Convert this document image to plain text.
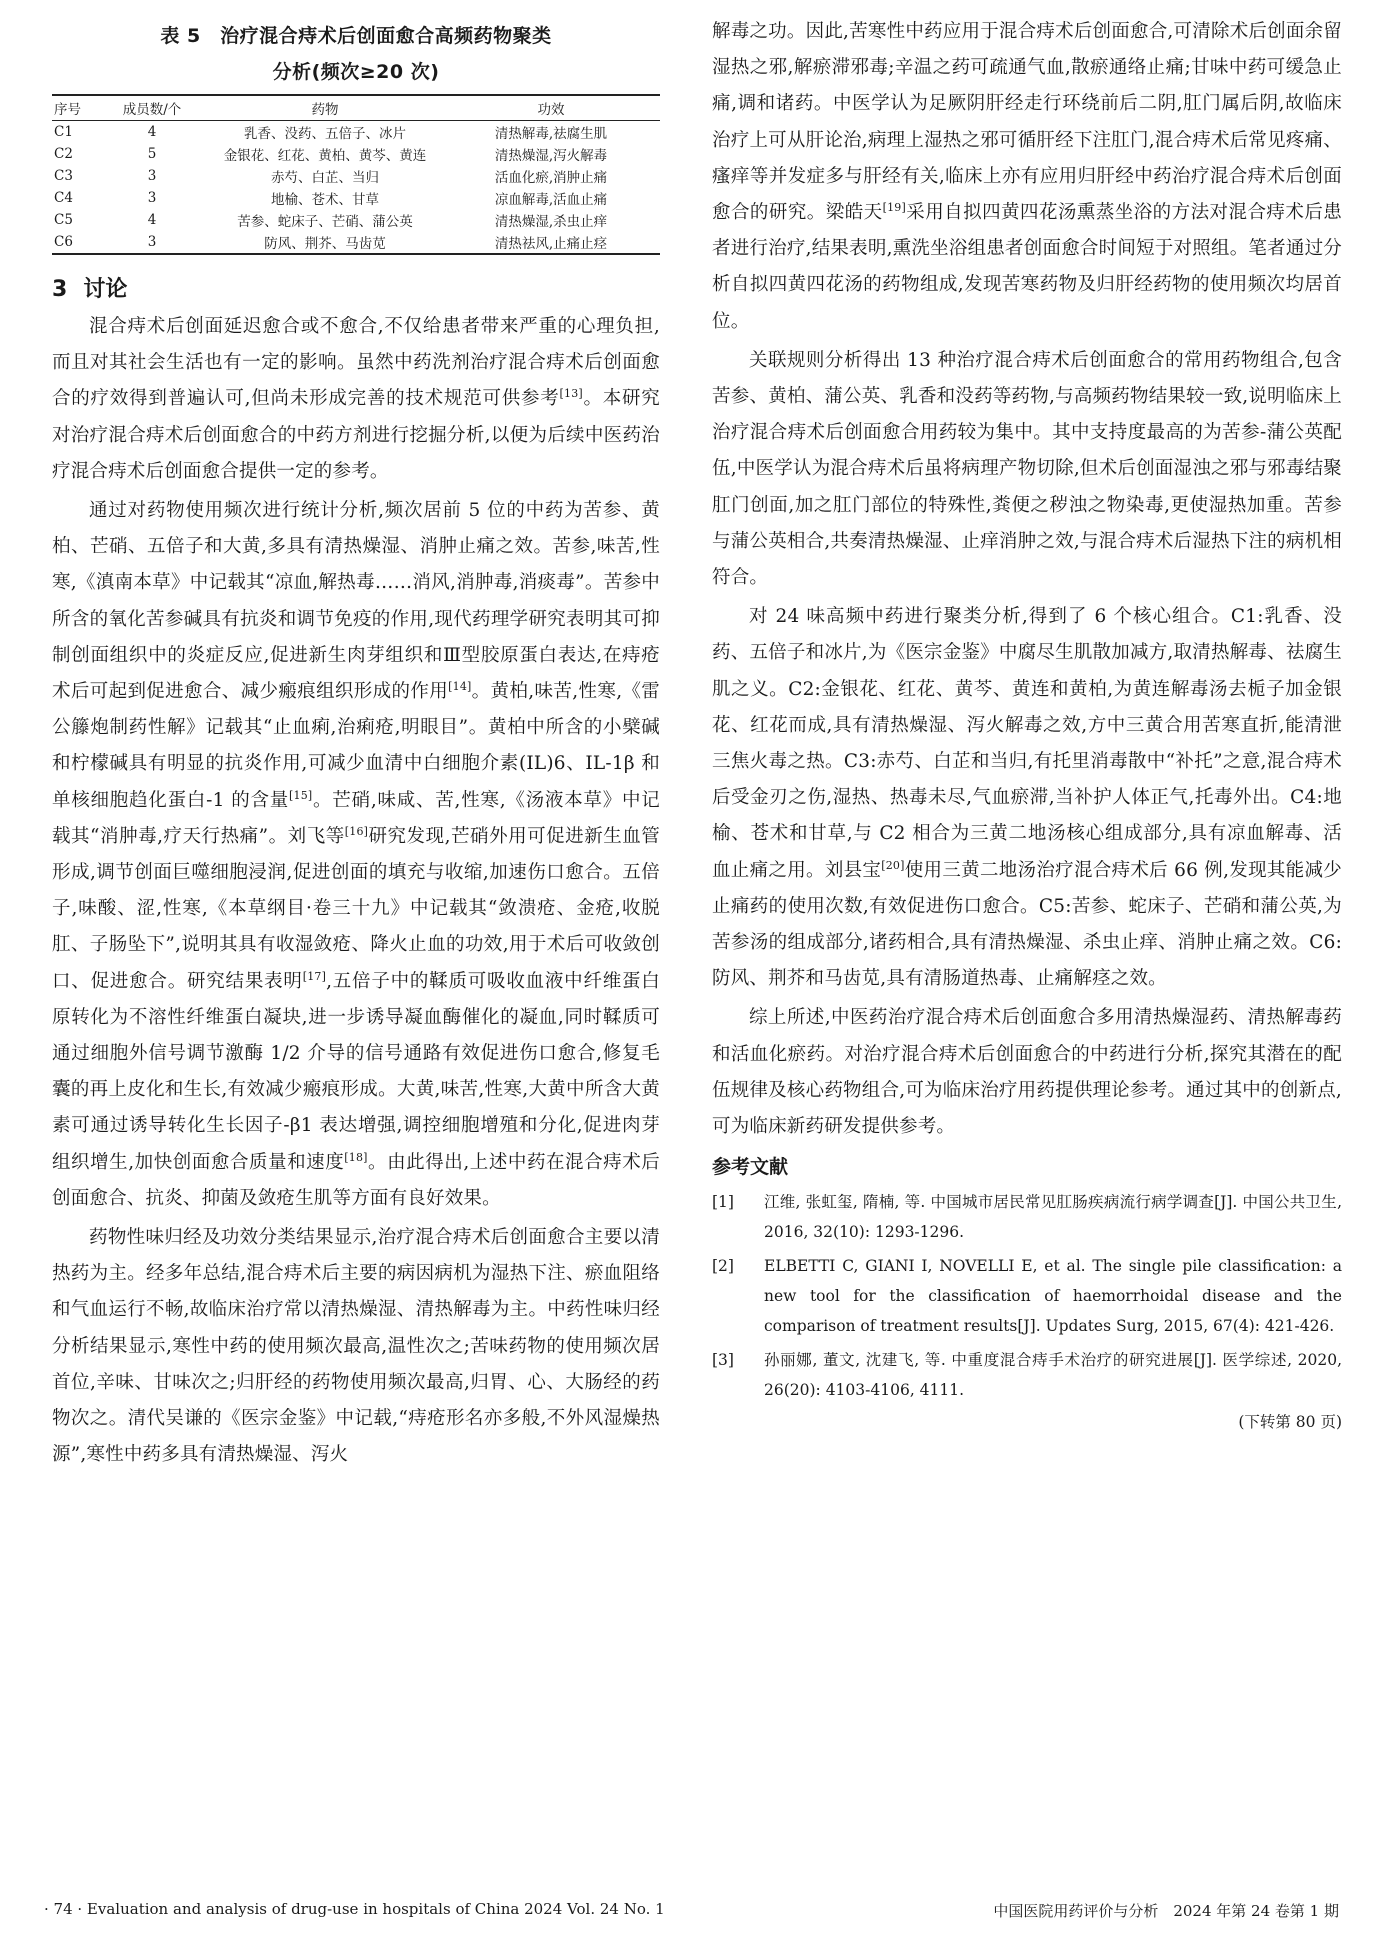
表 5　治疗混合痔术后创面愈合高频药物聚类
分析(频次≥20 次)
序号	成员数/个	药物	功效
C1	4	乳香、没药、五倍子、冰片	清热解毒,祛腐生肌
C2	5	金银花、红花、黄柏、黄芩、黄连	清热燥湿,泻火解毒
C3	3	赤芍、白芷、当归	活血化瘀,消肿止痛
C4	3	地榆、苍术、甘草	凉血解毒,活血止痛
C5	4	苦参、蛇床子、芒硝、蒲公英	清热燥湿,杀虫止痒
C6	3	防风、荆芥、马齿苋	清热祛风,止痛止痉
3 讨论

混合痔术后创面延迟愈合或不愈合,不仅给患者带来严重的心理负担,而且对其社会生活也有一定的影响。虽然中药洗剂治疗混合痔术后创面愈合的疗效得到普遍认可,但尚未形成完善的技术规范可供参考[13]。本研究对治疗混合痔术后创面愈合的中药方剂进行挖掘分析,以便为后续中医药治疗混合痔术后创面愈合提供一定的参考。

通过对药物使用频次进行统计分析,频次居前 5 位的中药为苦参、黄柏、芒硝、五倍子和大黄,多具有清热燥湿、消肿止痛之效。苦参,味苦,性寒,《滇南本草》中记载其“凉血,解热毒……消风,消肿毒,消痰毒”。苦参中所含的氧化苦参碱具有抗炎和调节免疫的作用,现代药理学研究表明其可抑制创面组织中的炎症反应,促进新生肉芽组织和Ⅲ型胶原蛋白表达,在痔疮术后可起到促进愈合、减少瘢痕组织形成的作用[14]。黄柏,味苦,性寒,《雷公籐炮制药性解》记载其“止血痢,治痢疮,明眼目”。黄柏中所含的小檗碱和柠檬碱具有明显的抗炎作用,可减少血清中白细胞介素(IL)6、IL-1β 和单核细胞趋化蛋白-1 的含量[15]。芒硝,味咸、苦,性寒,《汤液本草》中记载其“消肿毒,疗天行热痛”。刘飞等[16]研究发现,芒硝外用可促进新生血管形成,调节创面巨噬细胞浸润,促进创面的填充与收缩,加速伤口愈合。五倍子,味酸、涩,性寒,《本草纲目·卷三十九》中记载其“敛溃疮、金疮,收脱肛、子肠坠下”,说明其具有收湿敛疮、降火止血的功效,用于术后可收敛创口、促进愈合。研究结果表明[17],五倍子中的鞣质可吸收血液中纤维蛋白原转化为不溶性纤维蛋白凝块,进一步诱导凝血酶催化的凝血,同时鞣质可通过细胞外信号调节激酶 1/2 介导的信号通路有效促进伤口愈合,修复毛囊的再上皮化和生长,有效减少瘢痕形成。大黄,味苦,性寒,大黄中所含大黄素可通过诱导转化生长因子-β1 表达增强,调控细胞增殖和分化,促进肉芽组织增生,加快创面愈合质量和速度[18]。由此得出,上述中药在混合痔术后创面愈合、抗炎、抑菌及敛疮生肌等方面有良好效果。

药物性味归经及功效分类结果显示,治疗混合痔术后创面愈合主要以清热药为主。经多年总结,混合痔术后主要的病因病机为湿热下注、瘀血阻络和气血运行不畅,故临床治疗常以清热燥湿、清热解毒为主。中药性味归经分析结果显示,寒性中药的使用频次最高,温性次之;苦味药物的使用频次居首位,辛味、甘味次之;归肝经的药物使用频次最高,归胃、心、大肠经的药物次之。清代吴谦的《医宗金鉴》中记载,“痔疮形名亦多般,不外风湿燥热源”,寒性中药多具有清热燥湿、泻火

解毒之功。因此,苦寒性中药应用于混合痔术后创面愈合,可清除术后创面余留湿热之邪,解瘀滞邪毒;辛温之药可疏通气血,散瘀通络止痛;甘味中药可缓急止痛,调和诸药。中医学认为足厥阴肝经走行环绕前后二阴,肛门属后阴,故临床治疗上可从肝论治,病理上湿热之邪可循肝经下注肛门,混合痔术后常见疼痛、瘙痒等并发症多与肝经有关,临床上亦有应用归肝经中药治疗混合痔术后创面愈合的研究。梁皓天[19]采用自拟四黄四花汤熏蒸坐浴的方法对混合痔术后患者进行治疗,结果表明,熏洗坐浴组患者创面愈合时间短于对照组。笔者通过分析自拟四黄四花汤的药物组成,发现苦寒药物及归肝经药物的使用频次均居首位。

关联规则分析得出 13 种治疗混合痔术后创面愈合的常用药物组合,包含苦参、黄柏、蒲公英、乳香和没药等药物,与高频药物结果较一致,说明临床上治疗混合痔术后创面愈合用药较为集中。其中支持度最高的为苦参-蒲公英配伍,中医学认为混合痔术后虽将病理产物切除,但术后创面湿浊之邪与邪毒结聚肛门创面,加之肛门部位的特殊性,粪便之秽浊之物染毒,更使湿热加重。苦参与蒲公英相合,共奏清热燥湿、止痒消肿之效,与混合痔术后湿热下注的病机相符合。

对 24 味高频中药进行聚类分析,得到了 6 个核心组合。C1:乳香、没药、五倍子和冰片,为《医宗金鉴》中腐尽生肌散加减方,取清热解毒、祛腐生肌之义。C2:金银花、红花、黄芩、黄连和黄柏,为黄连解毒汤去栀子加金银花、红花而成,具有清热燥湿、泻火解毒之效,方中三黄合用苦寒直折,能清泄三焦火毒之热。C3:赤芍、白芷和当归,有托里消毒散中“补托”之意,混合痔术后受金刃之伤,湿热、热毒未尽,气血瘀滞,当补护人体正气,托毒外出。C4:地榆、苍术和甘草,与 C2 相合为三黄二地汤核心组成部分,具有凉血解毒、活血止痛之用。刘县宝[20]使用三黄二地汤治疗混合痔术后 66 例,发现其能减少止痛药的使用次数,有效促进伤口愈合。C5:苦参、蛇床子、芒硝和蒲公英,为苦参汤的组成部分,诸药相合,具有清热燥湿、杀虫止痒、消肿止痛之效。C6:防风、荆芥和马齿苋,具有清肠道热毒、止痛解痉之效。

综上所述,中医药治疗混合痔术后创面愈合多用清热燥湿药、清热解毒药和活血化瘀药。对治疗混合痔术后创面愈合的中药进行分析,探究其潜在的配伍规律及核心药物组合,可为临床治疗用药提供理论参考。通过其中的创新点,可为临床新药研发提供参考。

参考文献
[1]	江维, 张虹玺, 隋楠, 等. 中国城市居民常见肛肠疾病流行病学调查[J]. 中国公共卫生, 2016, 32(10): 1293-1296.
[2]	ELBETTI C, GIANI I, NOVELLI E, et al. The single pile classification: a new tool for the classification of haemorrhoidal disease and the comparison of treatment results[J]. Updates Surg, 2015, 67(4): 421-426.
[3]	孙丽娜, 董文, 沈建飞, 等. 中重度混合痔手术治疗的研究进展[J]. 医学综述, 2020, 26(20): 4103-4106, 4111.
(下转第 80 页)
· 74 · Evaluation and analysis of drug-use in hospitals of China 2024 Vol. 24 No. 1	中国医院用药评价与分析　2024 年第 24 卷第 1 期
